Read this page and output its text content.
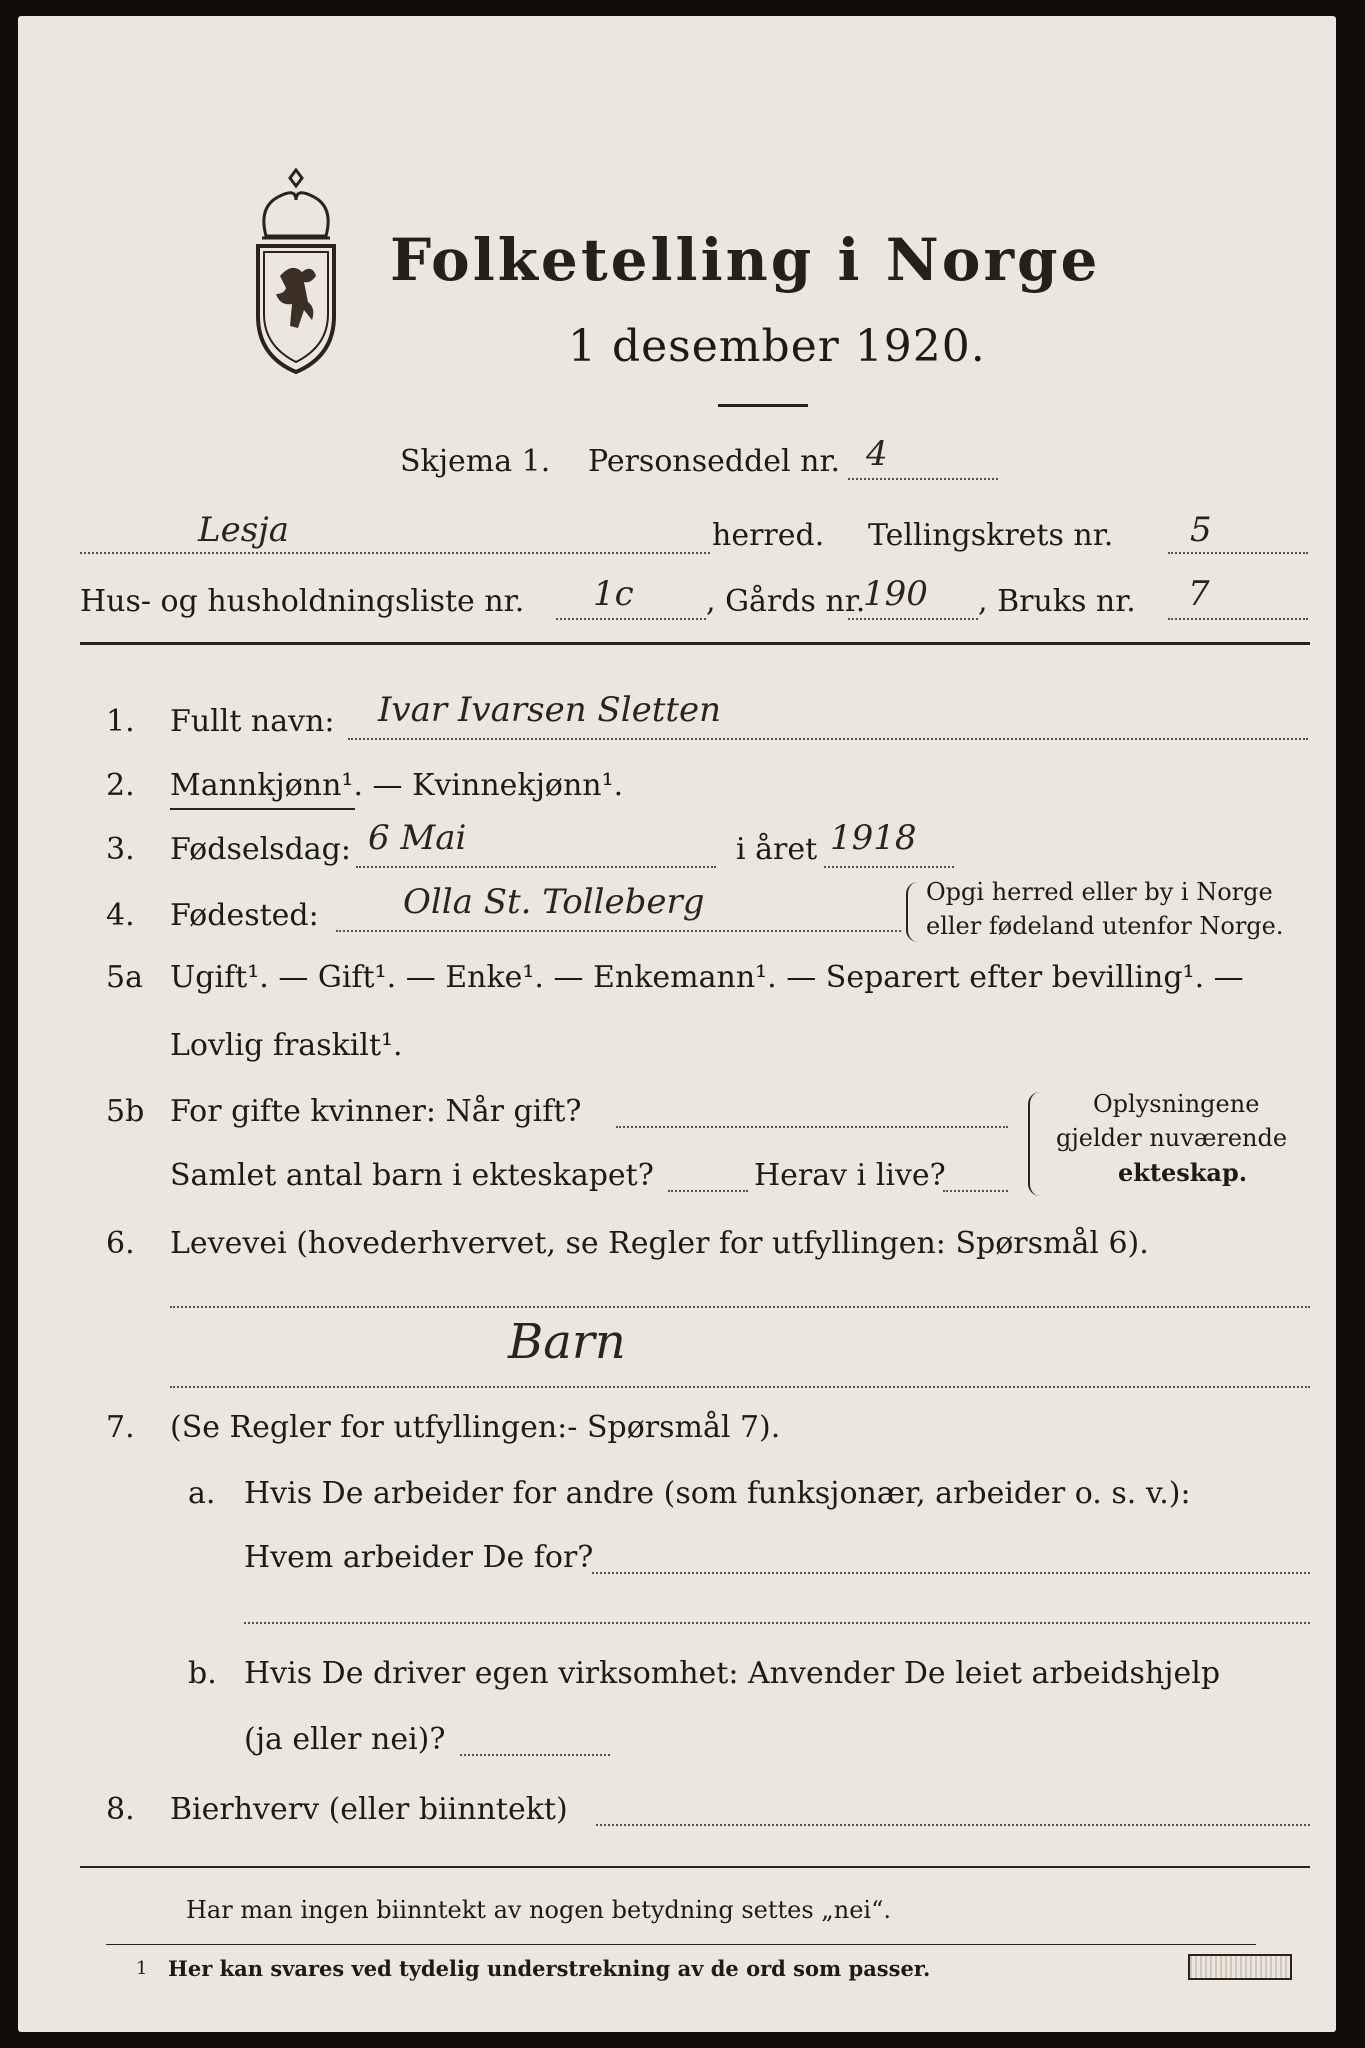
Folketelling i Norge
1 desember 1920.
Skjema 1. Personseddel nr. 4
Lesja	herred. Tellingskrets nr. 5
Hus- og husholdningsliste nr. 1c , Gårds nr.
190 , Bruks nr. 7
1. Fullt navn: Ivar Ivarsen Sletten
2. Mannkjønn¹. — Kvinnekjønn¹.
3. Fødselsdag: 6 Mai	i året 1918
4. Fødested: Olla St. Tolleberg	Opgi herred eller by i Norge
eller fødeland utenfor Norge.
5a Ugift¹. — Gift¹. — Enke¹. — Enkemann¹. — Separert efter bevilling¹. —
Lovlig fraskilt¹.
5b For gifte kvinner: Når gift?
Samlet antal barn i ekteskapet?	Herav i live?
Oplysningene
gjelder nuværende
ekteskap.
6. Levevei (hovederhvervet, se Regler for utfyllingen: Spørsmål 6).
Barn
7. (Se Regler for utfyllingen:- Spørsmål 7).
a. Hvis De arbeider for andre (som funksjonær, arbeider o. s. v.):
Hvem arbeider De for?
b. Hvis De driver egen virksomhet: Anvender De leiet arbeidshjelp
(ja eller nei)?
8. Bierhverv (eller biinntekt)
Har man ingen biinntekt av nogen betydning settes „nei“.
1 Her kan svares ved tydelig understrekning av de ord som passer.
